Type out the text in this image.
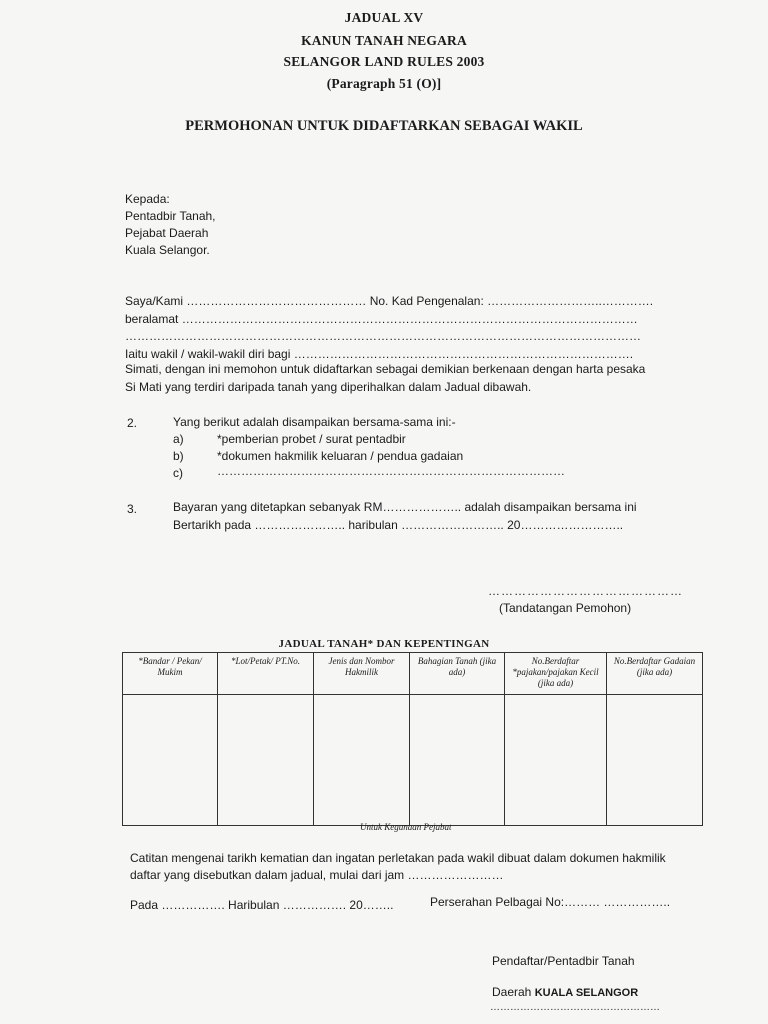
JADUAL XV
KANUN TANAH NEGARA
SELANGOR LAND RULES 2003
(Paragraph 51 (O)]
PERMOHONAN UNTUK DIDAFTARKAN SEBAGAI WAKIL
Kepada:
Pentadbir Tanah,
Pejabat Daerah
Kuala Selangor.
Saya/Kami ……………………………………… No. Kad Pengenalan: ………………………..………….
beralamat ……………………………………………………………………………………………………
…………………………………………………………………………………………………………………
Iaitu wakil / wakil-wakil diri bagi ………………………………………………………………………….
Simati, dengan ini memohon untuk didaftarkan sebagai demikian berkenaan dengan harta pesaka
Si Mati yang terdiri daripada tanah yang diperihalkan dalam Jadual dibawah.
2.	Yang berikut adalah disampaikan bersama-sama ini:-
a)	*pemberian probet / surat pentadbir
b)	*dokumen hakmilik keluaran / pendua gadaian
c)	……………………………………………………………………………
3.	Bayaran yang ditetapkan sebanyak RM……………….. adalah disampaikan bersama ini
Bertarikh pada ………………….. haribulan …………………….. 20……………………..
………………………………………
(Tandatangan Pemohon)
JADUAL TANAH* DAN KEPENTINGAN
*Bandar / Pekan/ Mukim	*Lot/Petak/ PT.No.	Jenis dan Nombor Hakmilik	Bahagian Tanah (jika ada)	No.Berdaftar *pajakan/pajakan Kecil (jika ada)	No.Berdaftar Gadaian (jika ada)

Untuk Kegunaan Pejabat
Catitan mengenai tarikh kematian dan ingatan perletakan pada wakil dibuat dalam dokumen hakmilik
daftar yang disebutkan dalam jadual, mulai dari jam ……………………
Pada ……………. Haribulan ……………. 20……..	Perserahan Pelbagai No:……… ……………..
Pendaftar/Pentadbir Tanah
Daerah KUALA SELANGOR
……………………………………………
